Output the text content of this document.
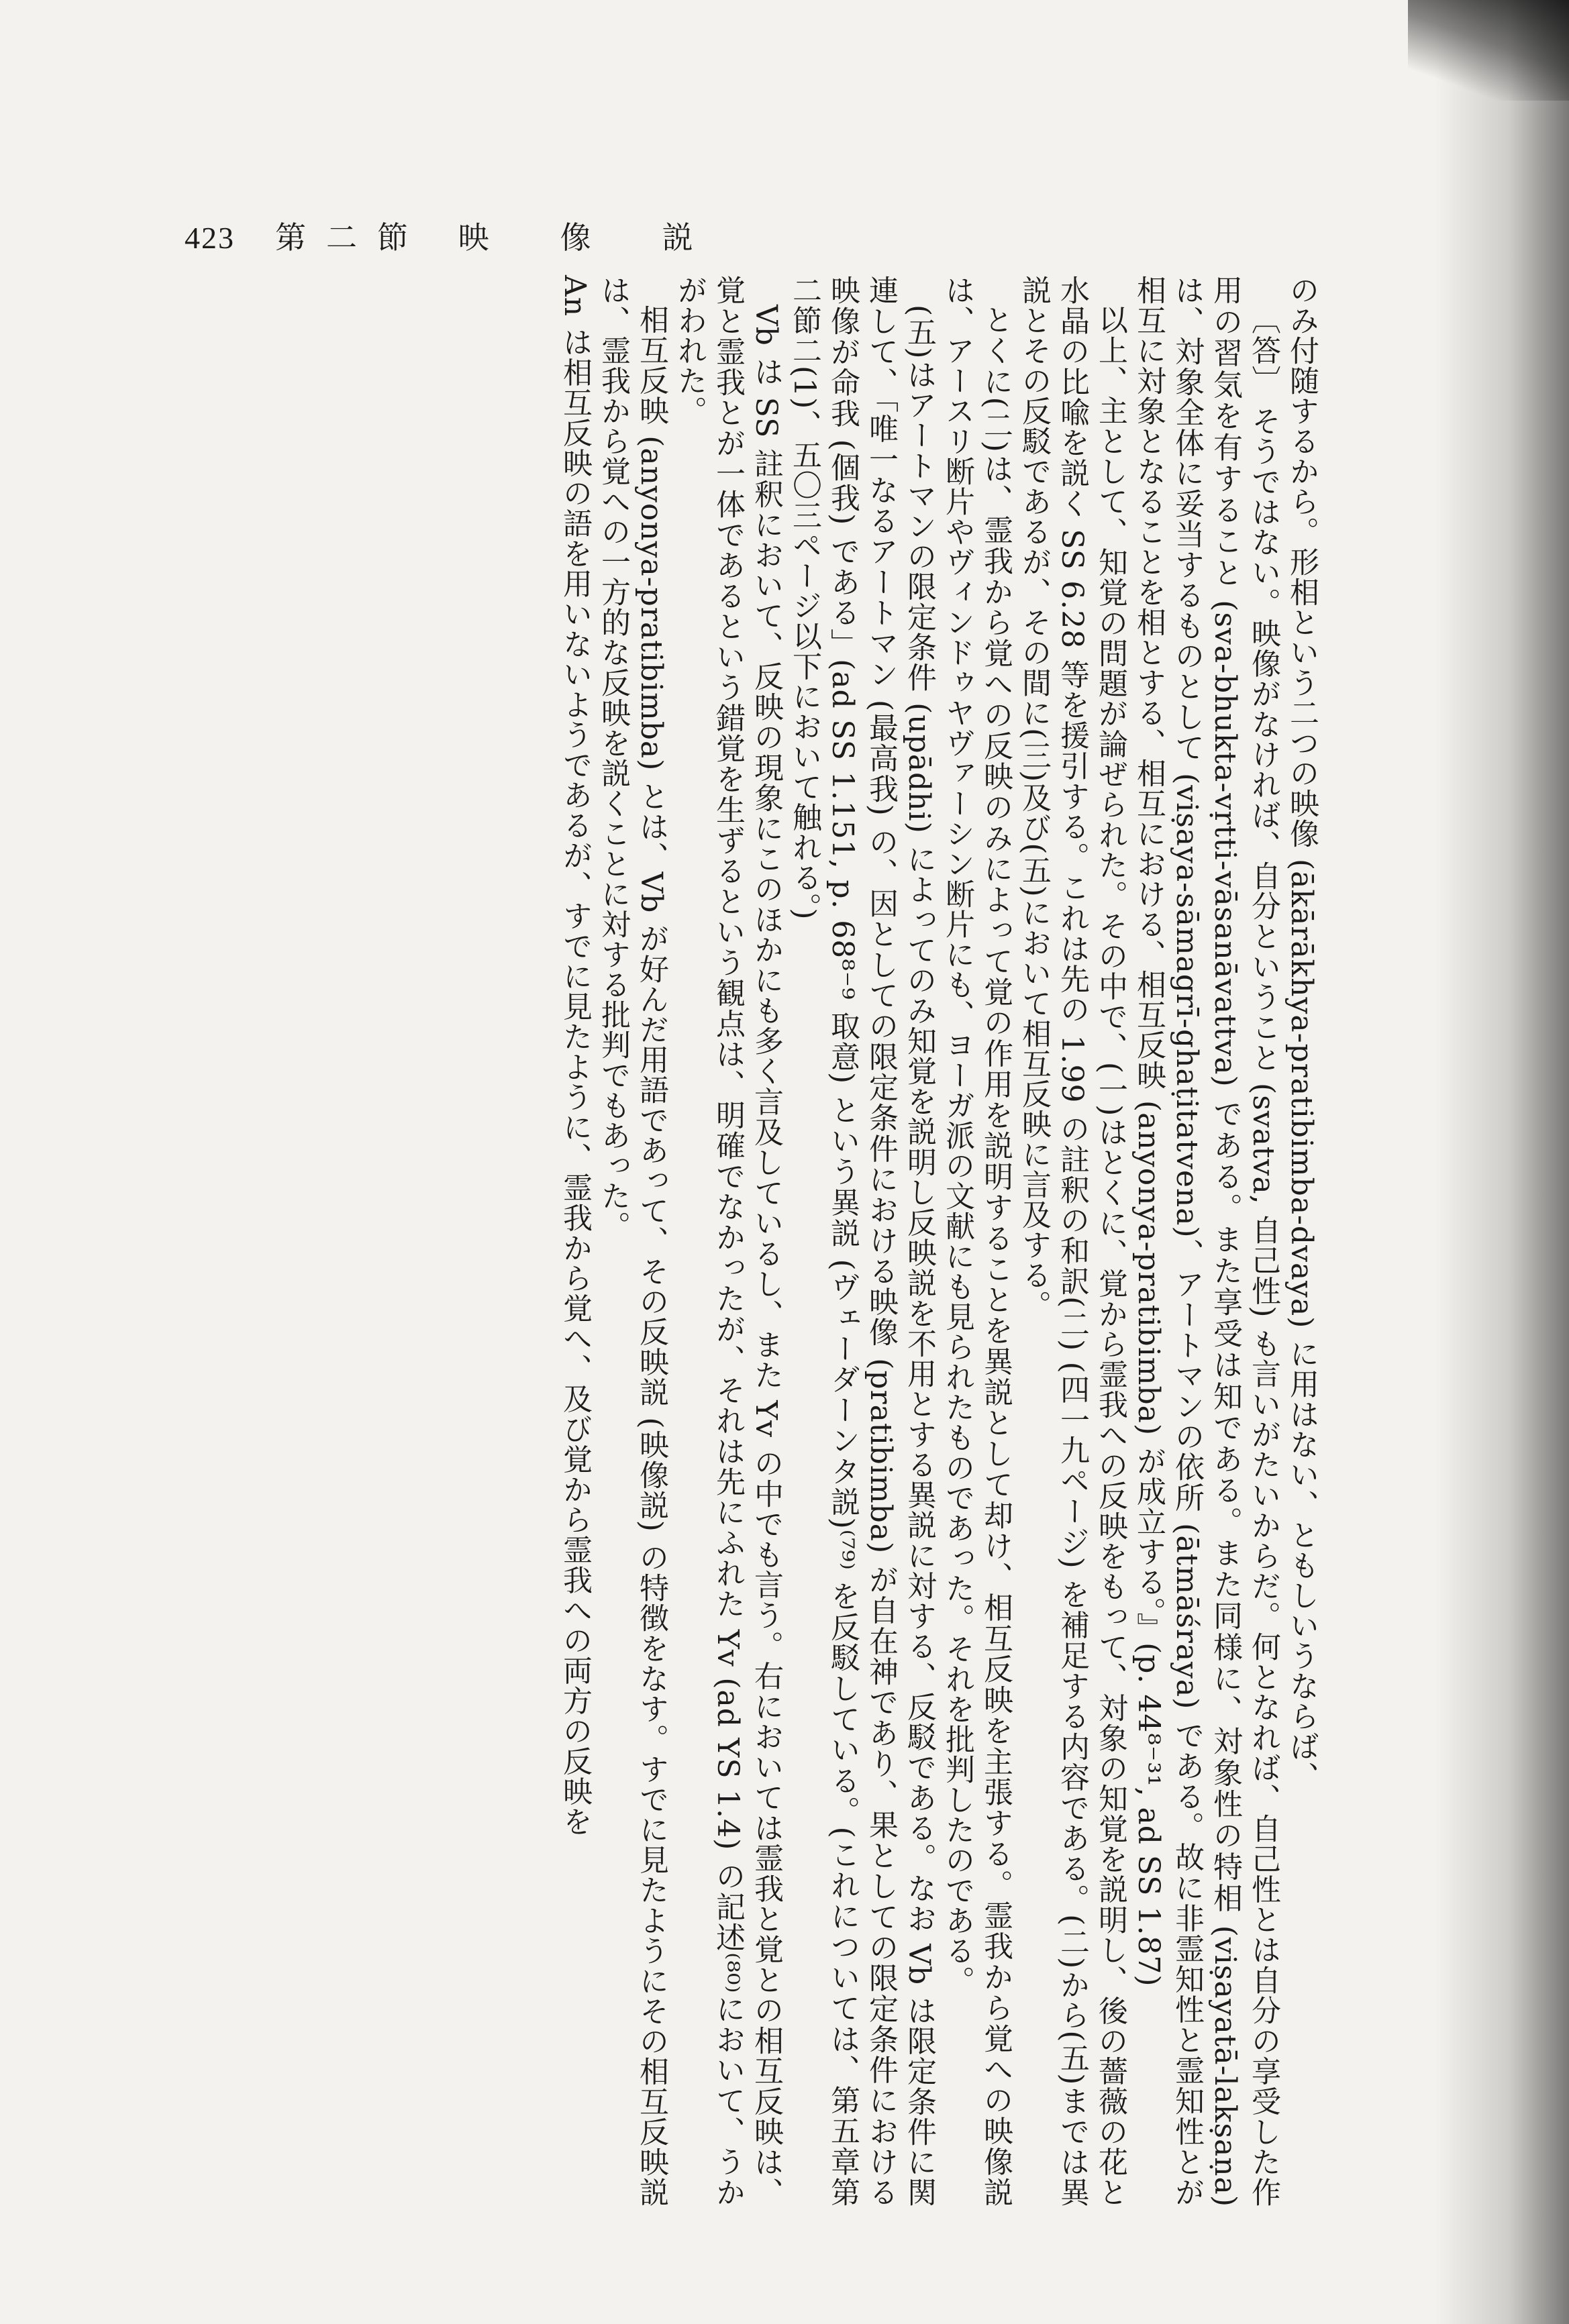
423 第二節 映　像　説

のみ付随するから。形相という二つの映像 (ākārākhya-pratibimba-dvaya) に用はない、ともしいうならば、

〔答〕 そうではない。映像がなければ、自分ということ (svatva, 自己性) も言いがたいからだ。何となれば、自己性とは自分の享受した作用の習気を有すること (sva-bhukta-vṛtti-vāsanāvattva) である。また享受は知である。また同様に、対象性の特相 (viṣayatā-lakṣaṇa) は、対象全体に妥当するものとして (viṣaya-sāmagrī-ghaṭitatvena)、アートマンの依所 (ātmāśraya) である。故に非霊知性と霊知性とが相互に対象となることを相とする、相互における、相互反映 (anyonya-pratibimba) が成立する。』(p. 44⁸⁻³¹, ad SS 1.87)

以上、主として、知覚の問題が論ぜられた。その中で、(一)はとくに、覚から霊我への反映をもって、対象の知覚を説明し、後の薔薇の花と水晶の比喩を説く SS 6.28 等を援引する。これは先の 1.99 の註釈の和訳(二) (四一九ページ) を補足する内容である。(二)から(五)までは異説とその反駁であるが、その間に(三)及び(五)において相互反映に言及する。

とくに(二)は、霊我から覚への反映のみによって覚の作用を説明することを異説として却け、相互反映を主張する。霊我から覚への映像説は、アースリ断片やヴィンドゥヤヴァーシン断片にも、ヨーガ派の文献にも見られたものであった。それを批判したのである。

(五)はアートマンの限定条件 (upādhi) によってのみ知覚を説明し反映説を不用とする異説に対する、反駁である。なお Vb は限定条件に関連して、「唯一なるアートマン (最高我) の、因としての限定条件における映像 (pratibimba) が自在神であり、果としての限定条件における映像が命我 (個我) である」(ad SS 1.151, p. 68⁸⁻⁹ 取意) という異説 (ヴェーダーンタ説)⁽⁷⁹⁾ を反駁している。(これについては、第五章第二節二(1)、五〇三ページ以下において触れる。)

Vb は SS 註釈において、反映の現象にこのほかにも多く言及しているし、また Yv の中でも言う。右においては霊我と覚との相互反映は、覚と霊我とが一体であるという錯覚を生ずるという観点は、明確でなかったが、それは先にふれた Yv (ad YS 1.4) の記述⁽⁸⁰⁾において、うかがわれた。

相互反映 (anyonya-pratibimba) とは、Vb が好んだ用語であって、その反映説 (映像説) の特徴をなす。すでに見たようにその相互反映説は、霊我から覚への一方的な反映を説くことに対する批判でもあった。

An は相互反映の語を用いないようであるが、すでに見たように、霊我から覚へ、及び覚から霊我への両方の反映を
